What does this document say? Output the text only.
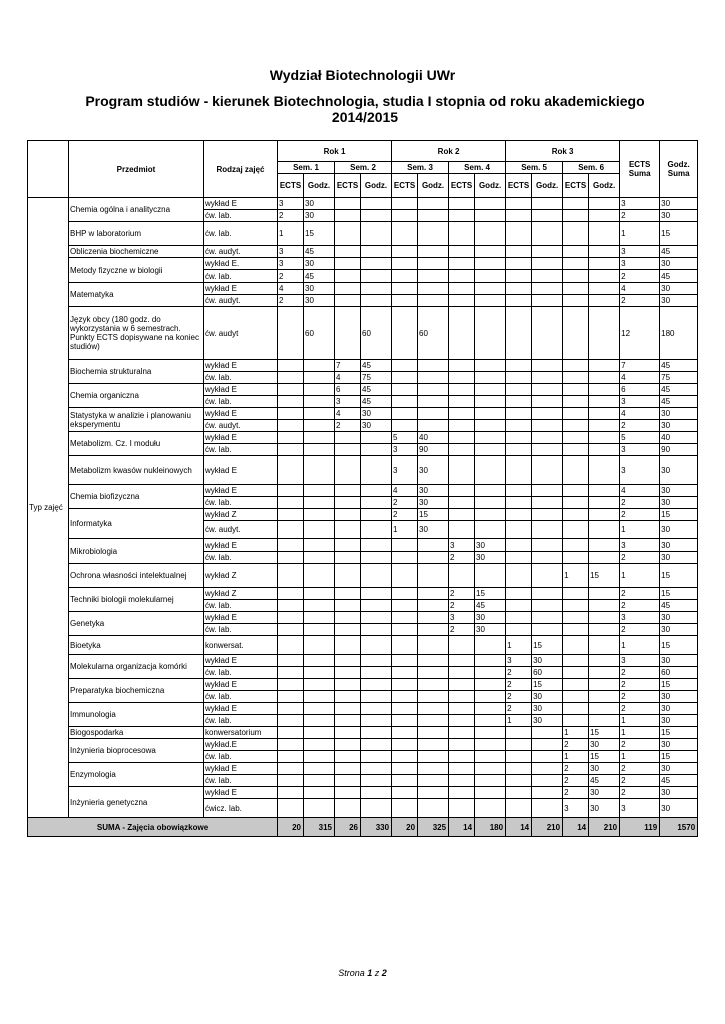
Wydział Biotechnologii UWr
Program studiów - kierunek Biotechnologia, studia I stopnia od roku akademickiego 2014/2015
	Przedmiot	Rodzaj zajęć	Rok 1				Rok 2				Rok 3				ECTS Suma	Godz. Suma
			Sem. 1		Sem. 2		Sem. 3		Sem. 4		Sem. 5		Sem. 6			
			ECTS	Godz.	ECTS	Godz.	ECTS	Godz.	ECTS	Godz.	ECTS	Godz.	ECTS	Godz.		
Typ zajęć	Chemia ogólna i analityczna	wykład E	3	30											3	30
		ćw. lab.	2	30											2	30
	BHP w laboratorium	ćw. lab.	1	15											1	15
	Obliczenia biochemiczne	ćw. audyt.	3	45											3	45
	Metody fizyczne w biologii	wykład E.	3	30											3	30
		ćw. lab.	2	45											2	45
	Matematyka	wykład E	4	30											4	30
		ćw. audyt.	2	30											2	30
	Język obcy (180 godz. do wykorzystania w 6 semestrach. Punkty ECTS dopisywane na koniec studiów)	ćw. audyt		60		60		60							12	180
	Biochemia strukturalna	wykład E			7	45									7	45
		ćw. lab.			4	75									4	75
	Chemia organiczna	wykład E			6	45									6	45
		ćw. lab.			3	45									3	45
	Statystyka w analizie i planowaniu eksperymentu	wykład E			4	30									4	30
		ćw. audyt.			2	30									2	30
	Metabolizm. Cz. I modułu	wykład E					5	40							5	40
		ćw. lab.					3	90							3	90
	Metabolizm kwasów nukleinowych	wykład E					3	30							3	30
	Chemia biofizyczna	wykład E					4	30							4	30
		ćw. lab.					2	30							2	30
	Informatyka	wykład Z					2	15							2	15
		ćw. audyt.					1	30							1	30
	Mikrobiologia	wykład E							3	30					3	30
		ćw. lab.							2	30					2	30
	Ochrona własności intelektualnej	wykład Z											1	15	1	15
	Techniki biologii molekularnej	wykład Z							2	15					2	15
		ćw. lab.							2	45					2	45
	Genetyka	wykład E							3	30					3	30
		ćw. lab.							2	30					2	30
	Bioetyka	konwersat.									1	15			1	15
	Molekularna organizacja komórki	wykład E									3	30			3	30
		ćw. lab.									2	60			2	60
	Preparatyka biochemiczna	wykład E									2	15			2	15
		ćw. lab.									2	30			2	30
	Immunologia	wykład E									2	30			2	30
		ćw. lab.									1	30			1	30
	Biogospodarka	konwersatorium											1	15	1	15
	Inżynieria bioprocesowa	wykład.E											2	30	2	30
		ćw. lab.											1	15	1	15
	Enzymologia	wykład E											2	30	2	30
		ćw. lab.											2	45	2	45
	Inżynieria genetyczna	wykład E											2	30	2	30
		ćwicz. lab.											3	30	3	30
SUMA - Zajęcia obowiązkowe			20	315	26	330	20	325	14	180	14	210	14	210	119	1570
Strona 1 z 2
